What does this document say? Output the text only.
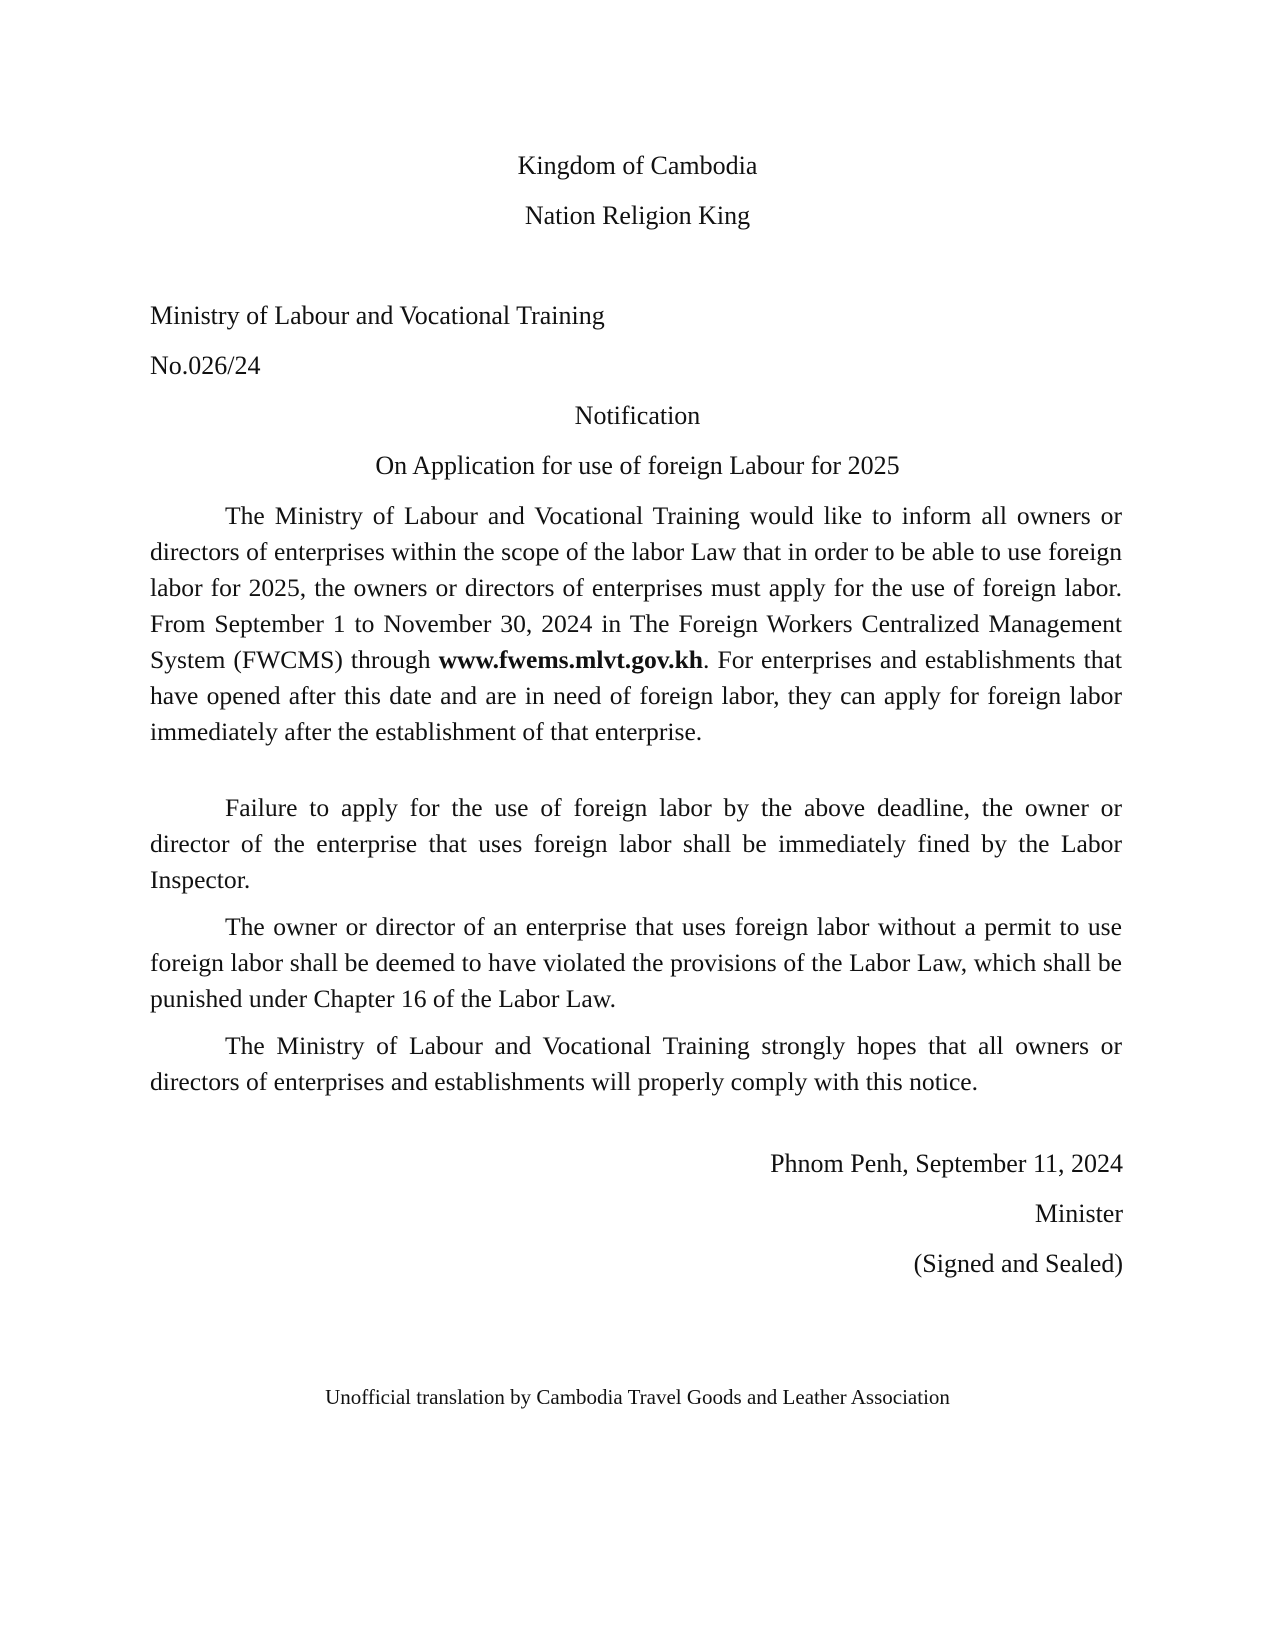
Kingdom of Cambodia
Nation Religion King
Ministry of Labour and Vocational Training
No.026/24
Notification
On Application for use of foreign Labour for 2025
The Ministry of Labour and Vocational Training would like to inform all owners or directors of enterprises within the scope of the labor Law that in order to be able to use foreign labor for 2025, the owners or directors of enterprises must apply for the use of foreign labor. From September 1 to November 30, 2024 in The Foreign Workers Centralized Management System (FWCMS) through www.fwems.mlvt.gov.kh. For enterprises and establishments that have opened after this date and are in need of foreign labor, they can apply for foreign labor immediately after the establishment of that enterprise.
Failure to apply for the use of foreign labor by the above deadline, the owner or director of the enterprise that uses foreign labor shall be immediately fined by the Labor Inspector.
The owner or director of an enterprise that uses foreign labor without a permit to use foreign labor shall be deemed to have violated the provisions of the Labor Law, which shall be punished under Chapter 16 of the Labor Law.
The Ministry of Labour and Vocational Training strongly hopes that all owners or directors of enterprises and establishments will properly comply with this notice.
Phnom Penh, September 11, 2024
Minister
(Signed and Sealed)
Unofficial translation by Cambodia Travel Goods and Leather Association
